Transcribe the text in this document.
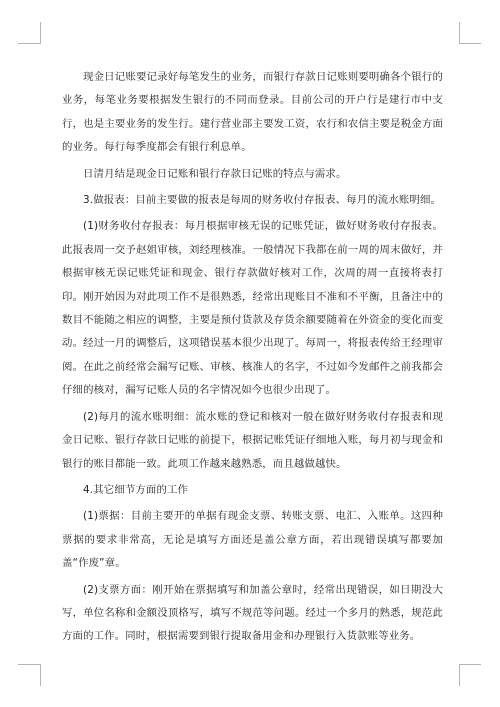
现金日记账要记录好每笔发生的业务，而银行存款日记账则要明确各个银行的业务，每笔业务要根据发生银行的不同而登录。目前公司的开户行是建行市中支行，也是主要业务的发生行。建行营业部主要发工资，农行和农信主要是税金方面的业务。每行每季度都会有银行利息单。

日清月结是现金日记账和银行存款日记账的特点与需求。

3.做报表：目前主要做的报表是每周的财务收付存报表、每月的流水账明细。

(1)财务收付存报表：每月根据审核无误的记账凭证，做好财务收付存报表。此报表周一交予赵姐审核，刘经理核准。一般情况下我都在前一周的周末做好，并根据审核无误记账凭证和现金、银行存款做好核对工作，次周的周一直接将表打印。刚开始因为对此项工作不是很熟悉，经常出现账目不准和不平衡，且备注中的数目不能随之相应的调整，主要是预付货款及存货余额要随着在外资金的变化而变动。经过一月的调整后，这项错误基本很少出现了。每周一，将报表传给王经理审阅。在此之前经常会漏写记账、审核、核准人的名字，不过如今发邮件之前我都会仔细的核对，漏写记账人员的名字情况如今也很少出现了。

(2)每月的流水账明细：流水账的登记和核对一般在做好财务收付存报表和现金日记账、银行存款日记账的前提下，根据记账凭证仔细地入账，每月初与现金和银行的账目都能一致。此项工作越来越熟悉，而且越做越快。

4.其它细节方面的工作

(1)票据：目前主要开的单据有现金支票、转账支票、电汇、入账单。这四种票据的要求非常高，无论是填写方面还是盖公章方面，若出现错误填写都要加盖“作废”章。

(2)支票方面：刚开始在票据填写和加盖公章时，经常出现错误，如日期没大写，单位名称和金额没顶格写，填写不规范等问题。经过一个多月的熟悉，规范此方面的工作。同时，根据需要到银行提取备用金和办理银行入货款账等业务。
